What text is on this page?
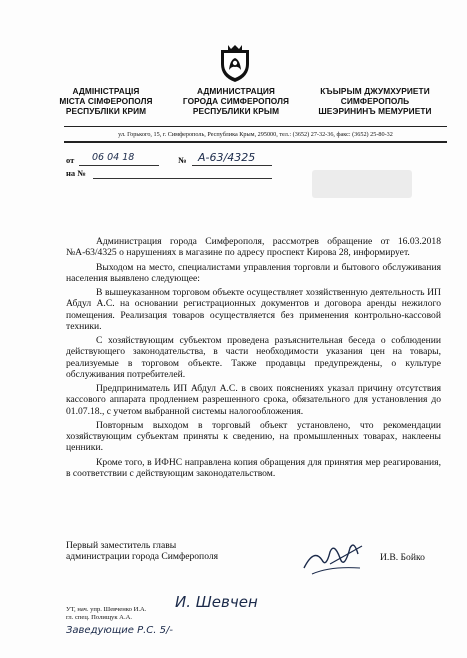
АДМІНІСТРАЦІЯ
МІСТА СІМФЕРОПОЛЯ
РЕСПУБЛІКИ КРИМ
АДМИНИСТРАЦИЯ
ГОРОДА СИМФЕРОПОЛЯ
РЕСПУБЛИКИ КРЫМ
КЪЫРЫМ ДЖУМХУРИЕТИ
СИМФЕРОПОЛЬ
ШЕЭРИНИНЪ МЕМУРИЕТИ
ул. Горького, 15, г. Симферополь, Республика Крым, 295000, тел.: (3652) 27-32-36, факс: (3652) 25-80-32
от 06 04 18	№ А-63/4325
на №

Администрация города Симферополя, рассмотрев обращение от 16.03.2018 №А-63/4325 о нарушениях в магазине по адресу проспект Кирова 28, информирует.

Выходом на место, специалистами управления торговли и бытового обслуживания населения выявлено следующее:

В вышеуказанном торговом объекте осуществляет хозяйственную деятельность ИП Абдул А.С. на основании регистрационных документов и договора аренды нежилого помещения. Реализация товаров осуществляется без применения контрольно-кассовой техники.

С хозяйствующим субъектом проведена разъяснительная беседа о соблюдении действующего законодательства, в части необходимости указания цен на товары, реализуемые в торговом объекте. Также продавцы предупреждены, о культуре обслуживания потребителей.

Предприниматель ИП Абдул А.С. в своих пояснениях указал причину отсутствия кассового аппарата продлением разрешенного срока, обязательного для установления до 01.07.18., с учетом выбранной системы налогообложения.

Повторным выходом в торговый объект установлено, что рекомендации хозяйствующим субъектам приняты к сведению, на промышленных товарах, наклеены ценники.

Кроме того, в ИФНС направлена копия обращения для принятия мер реагирования, в соответствии с действующим законодательством.

Первый заместитель главы
администрации города Симферополя	И.В. Бойко
УТ, нач. упр. Шевченко И.А.
гл. спец. Полищук А.А.
И. Шевчен
Заведующие Р.С. 5/-
